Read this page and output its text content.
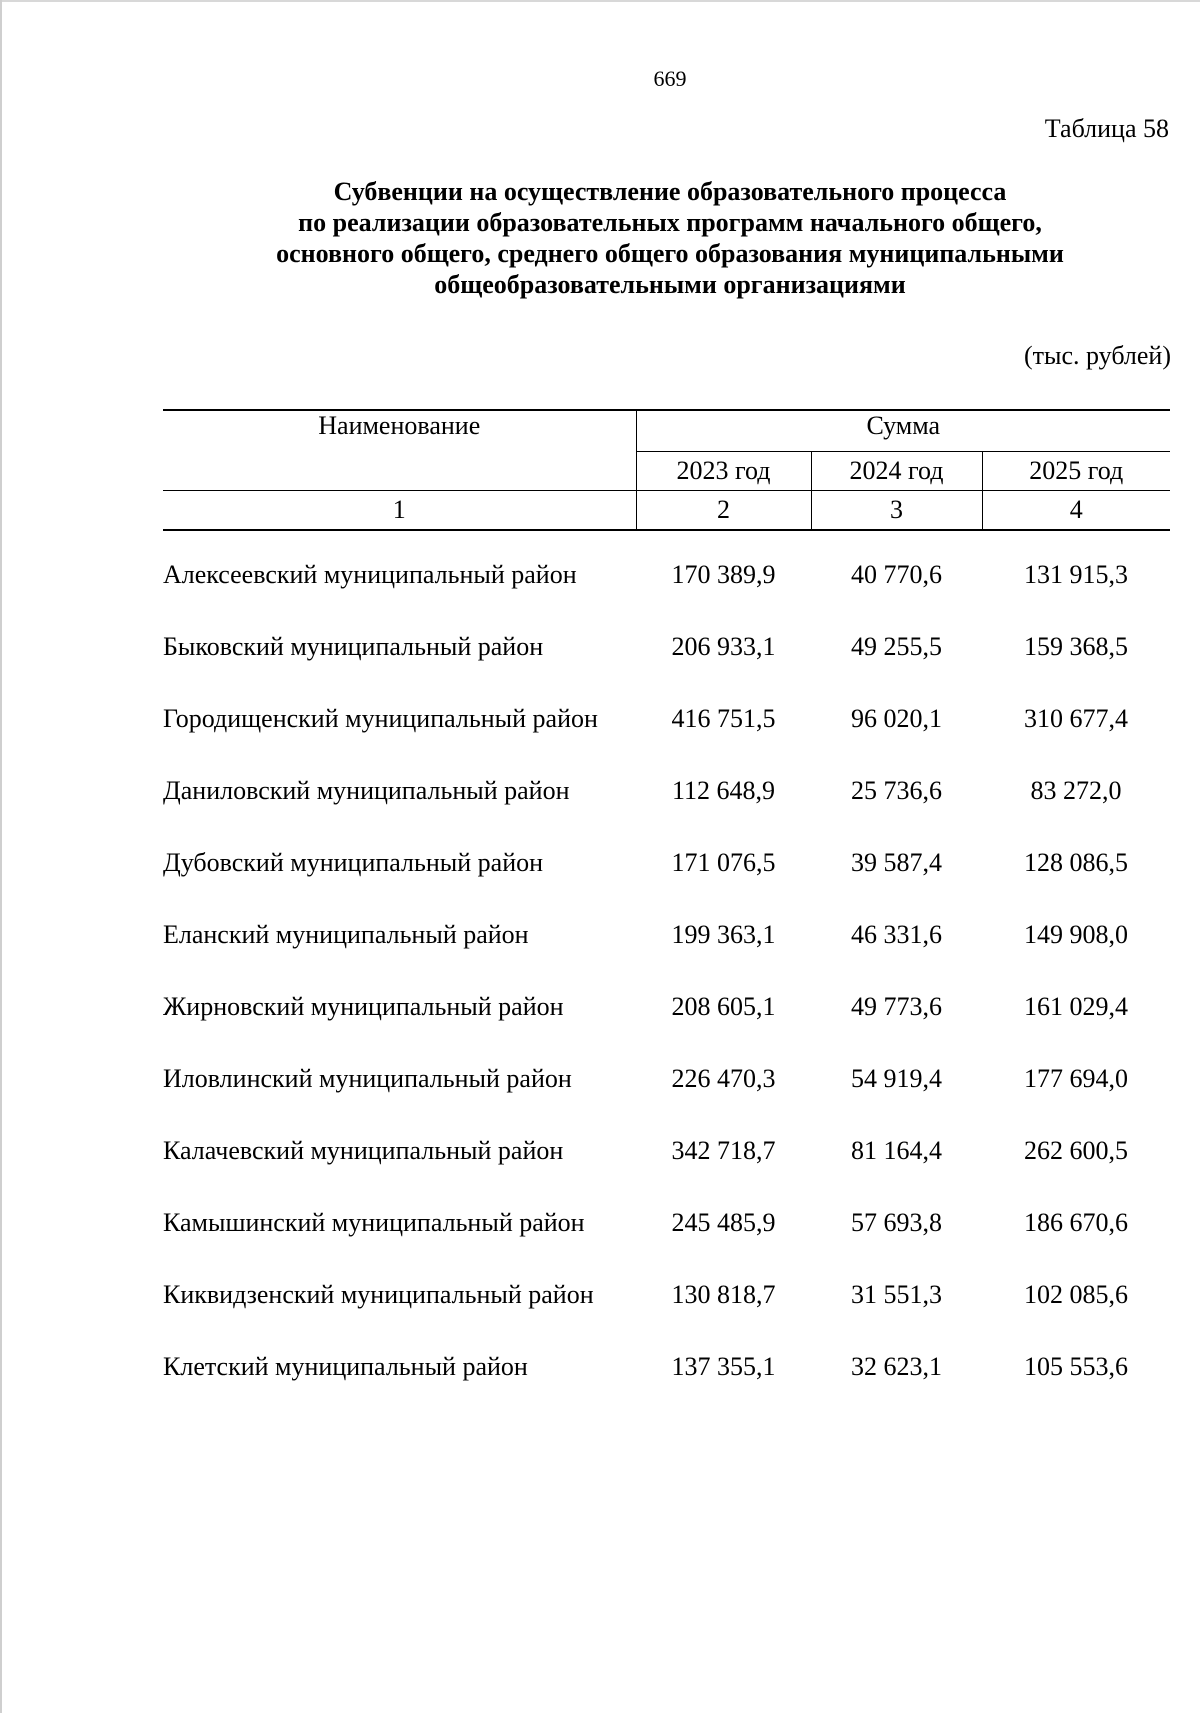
669
Таблица 58
Субвенции на осуществление образовательного процесса
по реализации образовательных программ начального общего,
основного общего, среднего общего образования муниципальными
общеобразовательными организациями
(тыс. рублей)
Наименование	Сумма		
	2023 год	2024 год	2025 год
1	2	3	4

Алексеевский муниципальный район	170 389,9	40 770,6	131 915,3
Быковский муниципальный район	206 933,1	49 255,5	159 368,5
Городищенский муниципальный район	416 751,5	96 020,1	310 677,4
Даниловский муниципальный район	112 648,9	25 736,6	83 272,0
Дубовский муниципальный район	171 076,5	39 587,4	128 086,5
Еланский муниципальный район	199 363,1	46 331,6	149 908,0
Жирновский муниципальный район	208 605,1	49 773,6	161 029,4
Иловлинский муниципальный район	226 470,3	54 919,4	177 694,0
Калачевский муниципальный район	342 718,7	81 164,4	262 600,5
Камышинский муниципальный район	245 485,9	57 693,8	186 670,6
Киквидзенский муниципальный район	130 818,7	31 551,3	102 085,6
Клетский муниципальный район	137 355,1	32 623,1	105 553,6
